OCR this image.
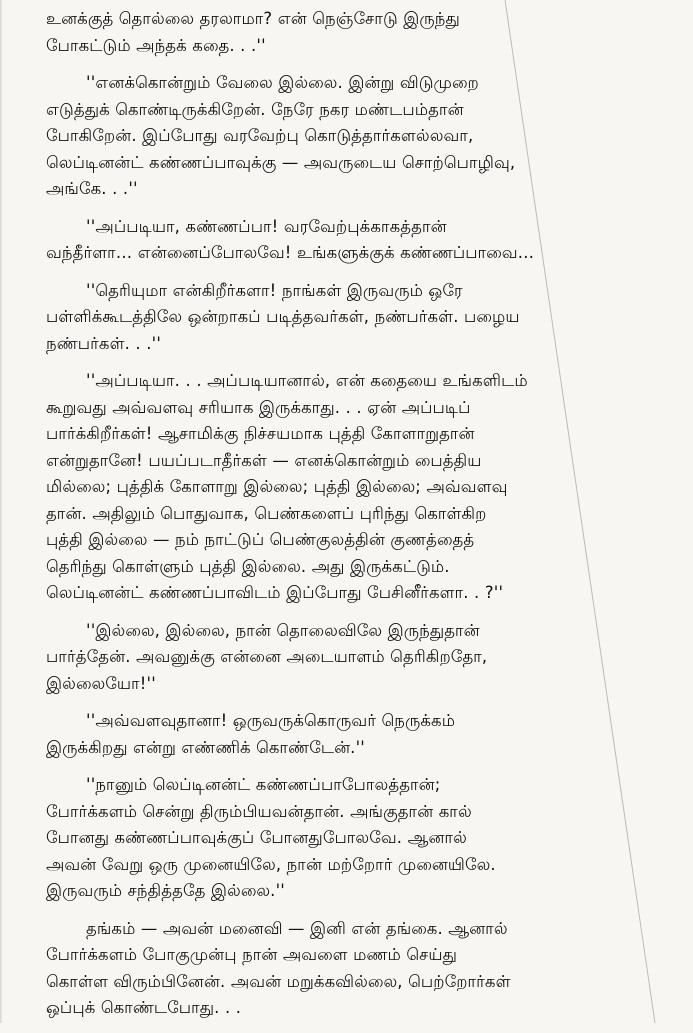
உனக்குத் தொல்லை தரலாமா? என் நெஞ்சோடு இருந்து
போகட்டும் அந்தக் கதை. . .''
''எனக்கொன்றும் வேலை இல்லை. இன்று விடுமுறை
எடுத்துக் கொண்டிருக்கிறேன். நேரே நகர மண்டபம்தான்
போகிறேன். இப்போது வரவேற்பு கொடுத்தார்களல்லவா,
லெப்டினன்ட் கண்ணப்பாவுக்கு — அவருடைய சொற்பொழிவு,
அங்கே. . .''
''அப்படியா, கண்ணப்பா! வரவேற்புக்காகத்தான்
வந்தீர்ளா… என்னைப்போலவே! உங்களுக்குக் கண்ணப்பாவை…
''தெரியுமா என்கிறீர்களா! நாங்கள் இருவரும் ஒரே
பள்ளிக்கூடத்திலே ஒன்றாகப் படித்தவர்கள், நண்பர்கள். பழைய
நண்பர்கள். . .''
''அப்படியா. . . அப்படியானால், என் கதையை உங்களிடம்
கூறுவது அவ்வளவு சரியாக இருக்காது. . . ஏன் அப்படிப்
பார்க்கிறீர்கள்! ஆசாமிக்கு நிச்சயமாக புத்தி கோளாறுதான்
என்றுதானே! பயப்படாதீர்கள் — எனக்கொன்றும் பைத்திய
மில்லை; புத்திக் கோளாறு இல்லை; புத்தி இல்லை; அவ்வளவு
தான். அதிலும் பொதுவாக, பெண்களைப் புரிந்து கொள்கிற
புத்தி இல்லை — நம் நாட்டுப் பெண்குலத்தின் குணத்தைத்
தெரிந்து கொள்ளும் புத்தி இல்லை. அது இருக்கட்டும்.
லெப்டினன்ட் கண்ணப்பாவிடம் இப்போது பேசினீர்களா. . ?''
''இல்லை, இல்லை, நான் தொலைவிலே இருந்துதான்
பார்த்தேன். அவனுக்கு என்னை அடையாளம் தெரிகிறதோ,
இல்லையோ!''
''அவ்வளவுதானா! ஒருவருக்கொருவர் நெருக்கம்
இருக்கிறது என்று எண்ணிக் கொண்டேன்.''
''நானும் லெப்டினன்ட் கண்ணப்பாபோலத்தான்;
போர்க்களம் சென்று திரும்பியவன்தான். அங்குதான் கால்
போனது கண்ணப்பாவுக்குப் போனதுபோலவே. ஆனால்
அவன் வேறு ஒரு முனையிலே, நான் மற்றோர் முனையிலே.
இருவரும் சந்தித்ததே இல்லை.''
தங்கம் — அவன் மனைவி — இனி என் தங்கை. ஆனால்
போர்க்களம் போகுமுன்பு நான் அவளை மணம் செய்து
கொள்ள விரும்பினேன். அவன் மறுக்கவில்லை, பெற்றோர்கள்
ஒப்புக் கொண்டபோது. . .
